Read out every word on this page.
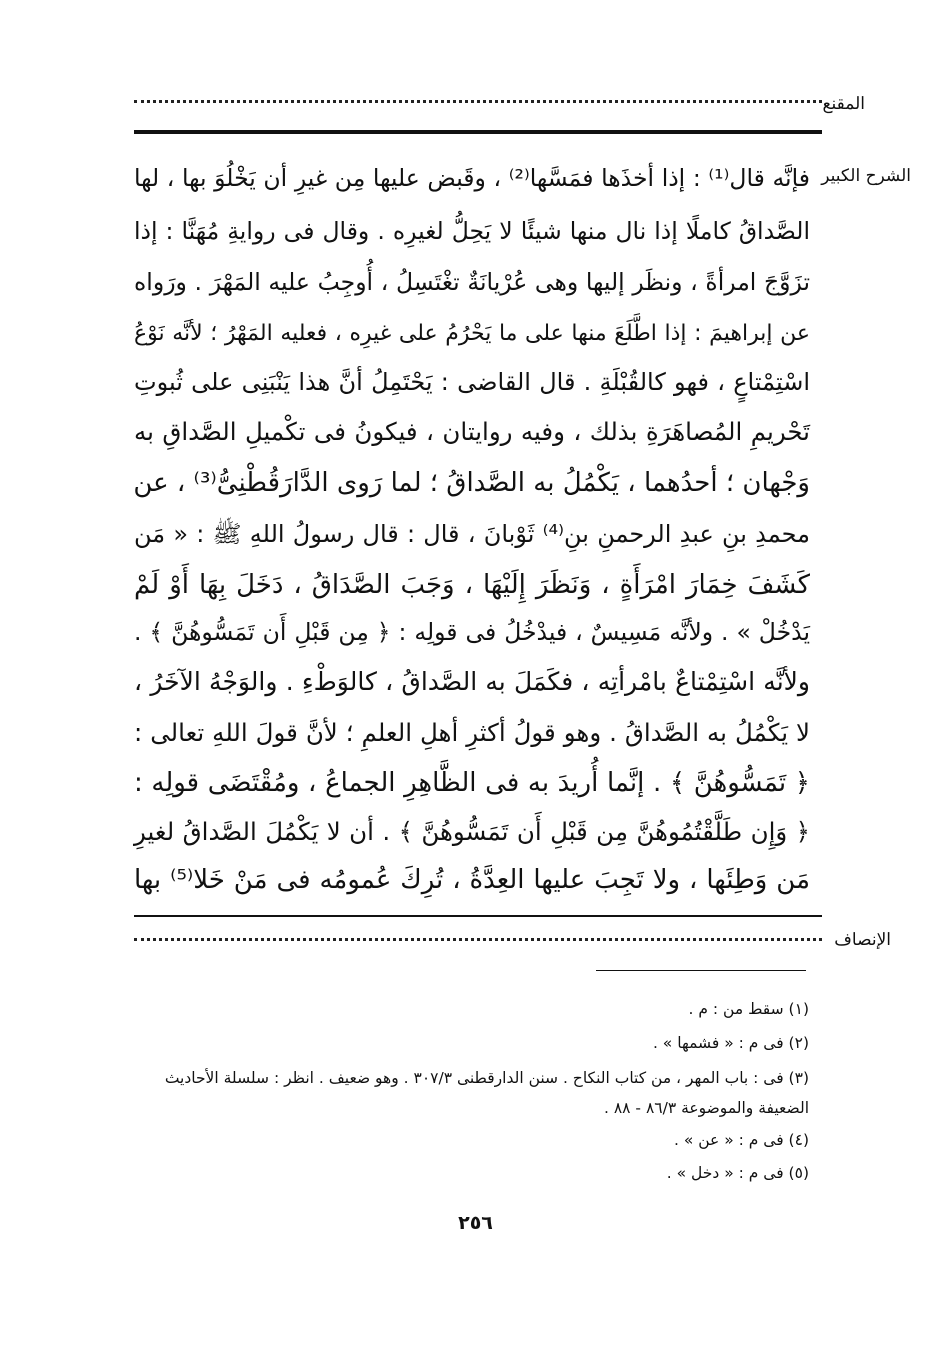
المقنع
الشرح الكبير
فإنَّه قال⁽¹⁾ : إذا أخذَها فمَسَّها⁽²⁾ ، وقَبض عليها مِن غيرِ أن يَخْلُوَ بها ، لها
الصَّداقُ كاملًا إذا نال منها شيئًا لا يَحِلُّ لغيرِه . وقال فى روايةِ مُهَنَّا : إذا
تزَوَّجَ امرأةً ، ونظَر إليها وهى عُرْيانَةٌ تغْتَسِلُ ، أُوجِبُ عليه المَهْرَ . ورَواه
عن إبراهيمَ : إذا اطَّلَعَ منها على ما يَحْرُمُ على غيرِه ، فعليه المَهْرُ ؛ لأنَّه نَوْعُ
اسْتِمْتاعٍ ، فهو كالقُبْلَةِ . قال القاضى : يَحْتَمِلُ أنَّ هذا يَنْبَنِى على ثُبوتِ
تَحْريمِ المُصاهَرَةِ بذلك ، وفيه روايتان ، فيكونُ فى تكْميلِ الصَّداقِ به
وَجْهان ؛ أحدُهما ، يَكْمُلُ به الصَّداقُ ؛ لما رَوى الدَّارَقُطْنِىُّ⁽³⁾ ، عن
محمدِ بنِ عبدِ الرحمنِ بنِ⁽⁴⁾ ثَوْبانَ ، قال : قال رسولُ اللهِ ﷺ : « مَن
كَشَفَ خِمَارَ امْرَأَةٍ ، وَنَظَرَ إِلَيْهَا ، وَجَبَ الصَّدَاقُ ، دَخَلَ بِهَا أَوْ لَمْ
يَدْخُلْ » . ولأنَّه مَسِيسٌ ، فيدْخُلُ فى قولِه : ﴿ مِن قَبْلِ أَن تَمَسُّوهُنَّ ﴾ .
ولأنَّه اسْتِمْتاعٌ بامْرأتِه ، فكَمَلَ به الصَّداقُ ، كالوَطْءِ . والوَجْهُ الآخَرُ ،
لا يَكْمُلُ به الصَّداقُ . وهو قولُ أكثرِ أهلِ العلمِ ؛ لأنَّ قولَ اللهِ تعالى :
﴿ تَمَسُّوهُنَّ ﴾ . إنَّما أُريدَ به فى الظَّاهِرِ الجماعُ ، ومُقْتَضَى قولِه :
﴿ وَإِن طَلَّقْتُمُوهُنَّ مِن قَبْلِ أَن تَمَسُّوهُنَّ ﴾ . أن لا يَكْمُلَ الصَّداقُ لغيرِ
مَن وَطِئَها ، ولا تَجِبَ عليها العِدَّةُ ، تُرِكَ عُمومُه فى مَنْ خَلا⁽⁵⁾ بها
الإنصاف
(١) سقط من : م .
(٢) فى م : « فشمها » .
(٣) فى : باب المهر ، من كتاب النكاح . سنن الدارقطنى ٣٠٧/٣ . وهو ضعيف . انظر : سلسلة الأحاديث
الضعيفة والموضوعة ٨٦/٣ - ٨٨ .
(٤) فى م : « عن » .
(٥) فى م : « دخل » .
٢٥٦
